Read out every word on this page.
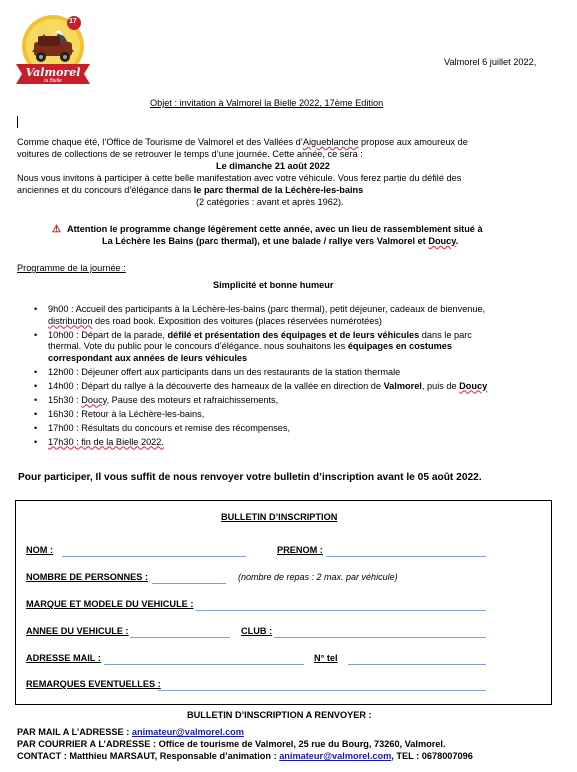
17
Valmorel
la Bielle
Valmorel 6 juillet 2022,
Objet : invitation à Valmorel la Bielle 2022, 17ème Edition
Comme chaque été, l’Office de Tourisme de Valmorel et des Vallées d’Aigueblanche propose aux amoureux de
voitures de collections de se retrouver le temps d’une journée. Cette année, ce sera :
Le dimanche 21 août 2022
Nous vous invitons à participer à cette belle manifestation avec votre véhicule. Vous ferez partie du défilé des
anciennes et du concours d’élégance dans le parc thermal de la Léchère-les-bains
(2 catégories : avant et après 1962).
⚠ Attention le programme change légèrement cette année, avec un lieu de rassemblement situé à
La Léchère les Bains (parc thermal), et une balade / rallye vers Valmorel et Doucy.
Programme de la journée :
Simplicité et bonne humeur
• 9h00 : Accueil des participants à la Léchère-les-bains (parc thermal), petit déjeuner, cadeaux de bienvenue,
distribution des road book. Exposition des voitures (places réservées numérotées)
• 10h00 : Départ de la parade, défilé et présentation des équipages et de leurs véhicules dans le parc
thermal. Vote du public pour le concours d’élégance. nous souhaitons les équipages en costumes
correspondant aux années de leurs véhicules
• 12h00 : Déjeuner offert aux participants dans un des restaurants de la station thermale
• 14h00 : Départ du rallye à la découverte des hameaux de la vallée en direction de Valmorel, puis de Doucy
• 15h30 : Doucy, Pause des moteurs et rafraichissements,
• 16h30 : Retour à la Léchère-les-bains,
• 17h00 : Résultats du concours et remise des récompenses,
• 17h30 : fin de la Bielle 2022.
Pour participer, Il vous suffit de nous renvoyer votre bulletin d’inscription avant le 05 août 2022.
BULLETIN D’INSCRIPTION
NOM :	PRENOM :
NOMBRE DE PERSONNES :	(nombre de repas : 2 max. par véhicule)
MARQUE ET MODELE DU VEHICULE :
ANNEE DU VEHICULE :	CLUB :
ADRESSE MAIL :	N° tel
REMARQUES EVENTUELLES :
BULLETIN D’INSCRIPTION A RENVOYER :
PAR MAIL A L’ADRESSE : animateur@valmorel.com
PAR COURRIER A L’ADRESSE : Office de tourisme de Valmorel, 25 rue du Bourg, 73260, Valmorel.
CONTACT : Matthieu MARSAUT, Responsable d’animation : animateur@valmorel.com, TEL : 0678007096
